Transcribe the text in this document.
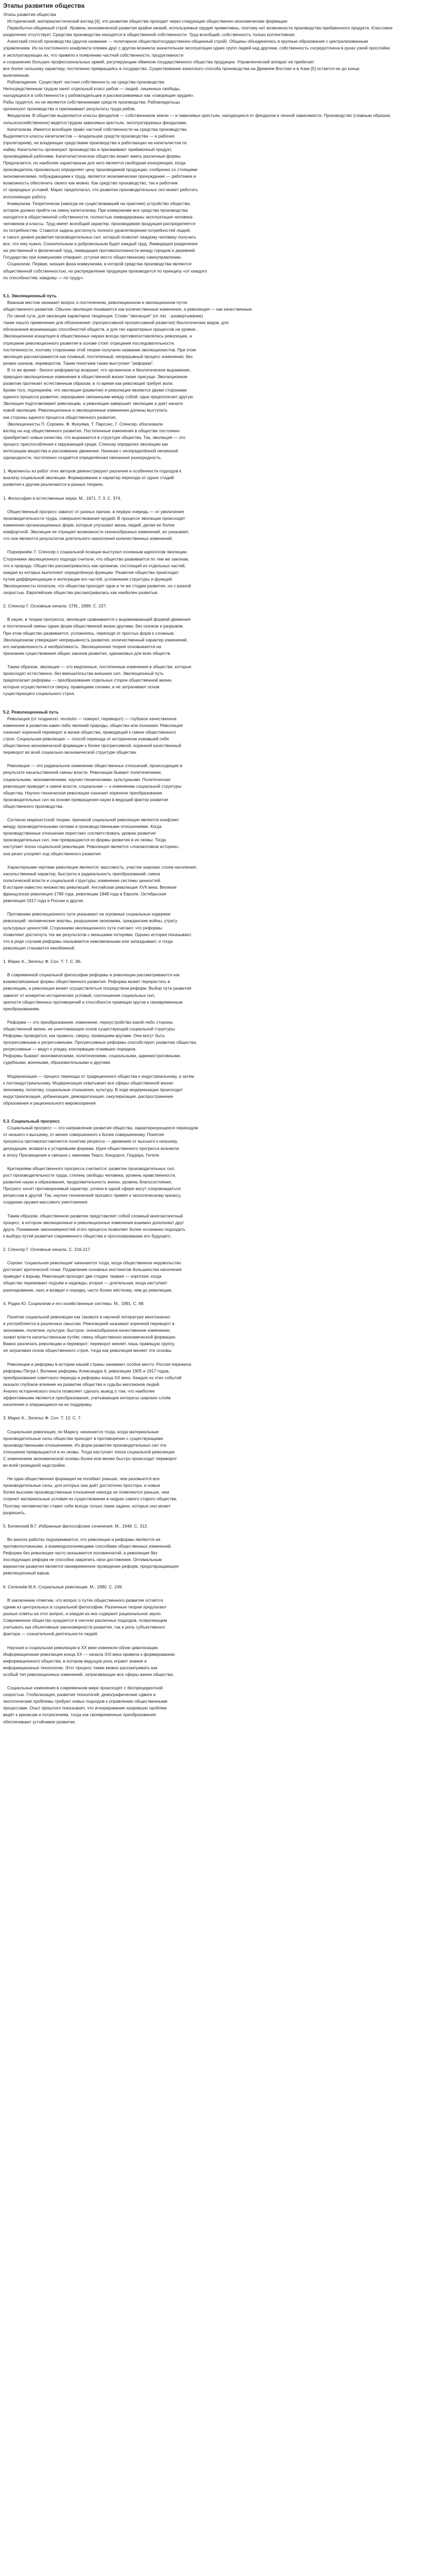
Этапы развития общества

Этапы развития общества

Исторический, материалистический взгляд [4], что развитие общества проходит через следующие общественно-экономические формации:

Первобытно-общинный строй. Уровень экономической развития крайне низкий, используемые орудия примитивны, поэтому нет возможности производства прибавочного продукта. Классовое

разделение отсутствует. Средства производства находятся в общественной собственности. Труд всеобщий, собственность только коллективная.

Азиатский способ производства (другое название — политарное общество/государственно-общинный строй). Общины объединились в крупные образования с централизованным

управлением. Из-за постоянного конфликта племен друг с другом возникла значительная эксплуатация одних групп людей над другими, собственность сосредоточена в руках узкой прослойки

и эксплуатирующих их, что привело к появлению частной собственности, продуктивности

и сохранению больших профессиональных армий, регулирующим обменом государственного общества продукции. Управленческий аппарат не прибегает

все более сильному характеру, постепенно превращаясь в государство. Существование азиатского способа производства на Древнем Востоке и в Азии [5] остается не до конца

выясненным.

Рабовладение. Существует частная собственность на средства производства.

Непосредственным трудом занят отдельный класс рабов — людей, лишенных свободы,

находящихся в собственности у рабовладельцев и рассматриваемых как «говорящие орудия».

Рабы трудятся, но не являются собственниками средств производства. Рабовладельцы

организуют производство и присваивают результаты труда рабов.

Феодализм. В обществе выделяются классы феодалов — собственников земли — и зависимых крестьян, находящихся от феодалов в личной зависимости. Производство (главным образом,

сельскохозяйственное) ведется трудом зависимых крестьян, эксплуатируемых феодалами.

Капитализм. Имеется всеобщее право частной собственности на средства производства.

Выделяются классы капиталистов — владельцев средств производства — и рабочих

(пролетариев), не владеющих средствами производства и работающих на капиталистов по

найму. Капиталисты организуют производство и присваивают прибавочный продукт,

производимый рабочими. Капиталистическое общество может иметь различные формы

Предлагается, но наиболее характерным для него является свободная конкуренция, когда

производитель произвольно определяет цену производимой продукции, сообразно со стоящими

экономическими, побуждающими к труду, является экономическая принуждение — работника и

возможность обеспечить своего как можно. Как средство производство, так и работник

от природных условий. Маркс предполагал, что развитие производительных сил может работать

исполняющих работу.

Коммунизм. Теоретически (никогда не существовавший на практике) устройство общества,

которое должно прийти на смену капитализму. При коммунизме все средства производства

находятся в общественной собственности, полностью ликвидированы эксплуатация человека

человеком и классы. Труд имеет всеобщий характер, производимая продукция распределяется

по потребностям. Ставится задача достигнуть полного удовлетворения потребностей людей,

и такого уровня развития производительных сил, который позволит каждому человеку получать

все, что ему нужно. Сознательным и добровольным будет каждый труд. Ликвидация разделения

на умственный и физический труд, ликвидация противоположности между городом и деревней.

Государство при коммунизме отмирает, уступая место общественному самоуправлению.

Социализм. Первая, низшая фаза коммунизма, в которой средства производства являются

общественной собственностью, но распределение продукции производится по принципу «от каждого

по способностям, каждому — по труду».

5.1. Эволюционный путь

Важным местом занимает вопрос о постепенном, революционном и эволюционном путях

общественного развития. Обычно эволюция понимается как количественные изменения, а революция — как качественные.

По своей сути, для эволюции характерна тенденция. Слово "эволюция" (от лат. - развертывание)

также нашло применение для обозначения: (прогрессивной прогрессивной развития) биологических видов, для

обозначения возникающих способностей обществ, и для тех характерных процессов на уровне...

Эволюционная концепция в общественных науках всегда противопоставлялась революции, а

отрицание революционного развития в основе стоит отрицания последовательности,

постепенности, поэтому сторонники этой теории получили название эволюционистов. При этом

эволюция рассматривается как плавный, постепенный, непрерывный процесс изменения, без

резких скачков, переворотов. Таким понятием также выступает "реформа".

В то же время - биолог-реформатор возразит, что органичное и биологическое выражение,

природно-эволюционные изменения в общественной жизни также присущи. Эволюционное

развитие протекает естественным образом, в то время как революция требует воли.

Кроме того, подчеркнём, что эволюция (развитие) и революция являются двумя сторонами

единого процесса развития, неразрывно связанными между собой; одна предполагает другую.

Эволюция подготавливает революцию, а революция завершает эволюцию и даёт начало

новой эволюции. Революционные и эволюционные изменения должны выступать

как стороны единого процесса общественного развития.

Эволюционисты П. Сорокин, Ф. Фукуяма, Т. Парсонс, Г. Спенсер, обосновали

взгляд на ход общественного развития. Постепенные изменения в обществе постоянно

приобретают новые качества, что выражается в структуре общества. Так, эволюция — это

процесс приспособления к окружающей среде. Спенсер определил эволюцию как

интеграцию вещества и рассеивание движения. Начиная с неопределённой несвязной

однородности, постепенно создаётся определённая связанная разнородность.

1. Фрагменты из работ этих авторов демонстрируют различия и особенности подходов к

анализу социальной эволюции. Формирование и характер перехода от одних стадий

развития к другим различаются в разных теориях.

1. Философия и естественные науки. М., 1971. Т. 3. С. 374.

Общественный прогресс зависит от разных причин, в первую очередь — от увеличения

производительности труда, совершенствования орудий. В процессе эволюции происходят

изменения организационных форм, которые улучшают жизнь людей, делая ее более

комфортной. Эволюция не отрицает возможности скачкообразных изменений, но указывает,

что они являются результатом длительного накопления количественных изменений.

Подчеркнём: Г. Спенсер с социальной позиции выступил основным идеологом эволюции.

Сторонники эволюционного подхода считали, что общество развивается по тем же законам,

что и природа. Общество рассматривалось как организм, состоящий из отдельных частей,

каждая из которых выполняет определённую функцию. Развитие общества происходит

путем дифференциации и интеграции его частей, усложнения структуры и функций.

Эволюционисты полагали, что общества проходят одни и те же стадии развития, но с разной

скоростью. Европейские общества рассматривались как наиболее развитые.

2. Спенсер Г. Основные начала. СПб., 1899. С. 237.

В науке, в теории прогресса, эволюция сравнивается с выравнивающей формой движения

и постепенной смены одних форм общественной жизни другими, без скачков и разрывов.

При этом общество развивается, усложняясь, переходя от простых форм к сложным.

Эволюционизм утверждает непрерывность развития, количественный характер изменений,

его направленность и необратимость. Эволюционная теория основывается на

признании существования общих законов развития, одинаковых для всех обществ.

Таким образом, эволюция — это медленные, постепенные изменения в обществе, которые

происходят естественно, без вмешательства внешних сил. Эволюционный путь

предполагает реформы — преобразования отдельных сторон общественной жизни,

которые осуществляются сверху, правящими силами, и не затрагивают основ

существующего социального строя.

5.2. Революционный путь

Революция (от позднелат. revolutio — поворот, переворот) — глубокое качественное

изменение в развитии каких-либо явлений природы, общества или познания. Революция

означает коренной переворот в жизни общества, приводящий к смене общественного

строя. Социальная революция — способ перехода от исторически изжившей себя

общественно-экономической формации к более прогрессивной, коренной качественный

переворот во всей социально-экономической структуре общества.

Революция — это радикальное изменение общественных отношений, происходящее в

результате насильственной смены власти. Революции бывают политическими,

социальными, экономическими, научно-техническими, культурными. Политическая

революция приводит к смене власти, социальная — к изменению социальной структуры

общества. Научно-техническая революция означает коренное преобразование

производительных сил на основе превращения науки в ведущий фактор развития

общественного производства.

Согласно марксистской теории, причиной социальной революции является конфликт

между производительными силами и производственными отношениями. Когда

производственные отношения перестают соответствовать уровню развития

производительных сил, они превращаются из формы развития в их оковы. Тогда

наступает эпоха социальной революции. Революция является «локомотивом истории»,

она резко ускоряет ход общественного развития.

Характерными чертами революции являются: массовость, участие широких слоев населения;

насильственный характер; быстрота и радикальность преобразований; смена

политической власти и социальной структуры; изменение системы ценностей.

В истории известно множество революций: Английская революция XVII века, Великая

французская революция 1789 года, революции 1848 года в Европе, Октябрьская

революция 1917 года в России и другие.

Противники революционного пути указывают на огромные социальные издержки

революций: человеческие жертвы, разрушение экономики, гражданские войны, утрату

культурных ценностей. Сторонники эволюционного пути считают, что реформы

позволяют достигнуть тех же результатов с меньшими потерями. Однако история показывает,

что в ряде случаев реформы оказываются невозможными или запаздывают, и тогда

революция становится неизбежной.

1. Маркс К., Энгельс Ф. Соч. Т. 7. С. 86.

В современной социальной философии реформы и революции рассматриваются как

взаимосвязанные формы общественного развития. Реформа может перерастать в

революцию, а революция может осуществляться посредством реформ. Выбор пути развития

зависит от конкретно-исторических условий, соотношения социальных сил,

зрелости общественных противоречий и способности правящих кругов к своевременным

преобразованиям.

Реформа — это преобразование, изменение, переустройство какой-либо стороны

общественной жизни, не уничтожающее основ существующей социальной структуры.

Реформы проводятся, как правило, сверху, правящими кругами. Они могут быть

прогрессивными и регрессивными. Прогрессивные реформы способствуют развитию общества,

регрессивные — ведут к упадку, консервации отживших порядков.

Реформы бывают экономическими, политическими, социальными, административными,

судебными, военными, образовательными и другими.

Модернизация — процесс перехода от традиционного общества к индустриальному, а затем

к постиндустриальному. Модернизация охватывает все сферы общественной жизни:

экономику, политику, социальные отношения, культуру. В ходе модернизации происходит

индустриализация, урбанизация, демократизация, секуляризация, распространение

образования и рационального мировоззрения.

5.3. Социальный прогресс

Социальный прогресс — это направление развития общества, характеризующееся переходом

от низшего к высшему, от менее совершенного к более совершенному. Понятие

прогресса противопоставляется понятию регресса — движения от высшего к низшему,

деградации, возврата к устаревшим формам. Идея общественного прогресса возникла

в эпоху Просвещения и связана с именами Тюрго, Кондорсе, Гердера, Гегеля.

Критериями общественного прогресса считаются: развитие производительных сил,

рост производительности труда, степень свободы человека, уровень нравственности,

развитие науки и образования, продолжительность жизни, уровень благосостояния.

Прогресс носит противоречивый характер: успехи в одной сфере могут сопровождаться

регрессом в другой. Так, научно-технический прогресс привёл к экологическому кризису,

созданию оружия массового уничтожения.

Таким образом, общественное развитие представляет собой сложный многоаспектный

процесс, в котором эволюционные и революционные изменения взаимно дополняют друг

друга. Понимание закономерностей этого процесса позволяет более осознанно подходить

к выбору путей развития современного общества и прогнозированию его будущего.

2. Спенсер Г. Основные начала. С. 216-217.

Сороки: 'социальная революция' начинается тогда, когда общественное недовольство

достигает критической точки. Подавление основных инстинктов большинства населения

приводит к взрыву. Революция проходит две стадии: первая — короткая, когда

общество переживает подъём и надежды; вторая — длительная, когда наступает

разочарование, хаос и возврат к порядку, часто более жёсткому, чем до революции.

4. Родин Ю. Социализм и его хозяйственные системы. М., 1991. С. 88.

Понятие социальной революции как такового в научной литературе многозначно

и употребляется в различных смыслах. Революцией называют коренной переворот в

экономике, политике, культуре; быстрое, скачкообразное качественное изменение;

захват власти насильственным путём; смену общественно-экономической формации.

Важно различать революцию и переворот: переворот меняет лишь правящую группу,

не затрагивая основ общественного строя, тогда как революция меняет эти основы.

Революции и реформы в истории нашей страны занимают особое место. Россия пережила

реформы Петра I, Великие реформы Александра II, революции 1905 и 1917 годов,

преобразования советского периода и реформы конца XX века. Каждое из этих событий

оказало глубокое влияние на развитие общества и судьбы миллионов людей.

Анализ исторического опыта позволяет сделать вывод о том, что наиболее

эффективными являются преобразования, учитывающие интересы широких слоёв

населения и опирающиеся на их поддержку.

3. Маркс К., Энгельс Ф. Соч. Т. 13. С. 7.

Социальная революция, по Марксу, начинается тогда, когда материальные

производительные силы общества приходят в противоречие с существующими

производственными отношениями. Из форм развития производительных сил эти

отношения превращаются в их оковы. Тогда наступает эпоха социальной революции.

С изменением экономической основы более или менее быстро происходит переворот

во всей громадной надстройке.

Ни одна общественная формация не погибает раньше, чем разовьются все

производительные силы, для которых она даёт достаточно простора, и новые

более высокие производственные отношения никогда не появляются раньше, чем

созреют материальные условия их существования в недрах самого старого общества.

Поэтому человечество ставит себе всегда только такие задачи, которые оно может

разрешить.

5. Белинский В.Г. Избранные философские сочинения. М., 1948. С. 312.

Во многих работах подчеркивается, что революции и реформы являются не

противоположными, а взаимодополняющими способами общественных изменений.

Реформа без революции часто оказывается половинчатой, а революция без

последующих реформ не способна закрепить свои достижения. Оптимальным

вариантом развития является своевременное проведение реформ, предотвращающее

революционный взрыв.

6. Селезнёв М.А. Социальные революции. М., 1980. С. 249.

В заключение отметим, что вопрос о путях общественного развития остаётся

одним из центральных в социальной философии. Различные теории предлагают

разные ответы на этот вопрос, и каждая из них содержит рациональное зерно.

Современное общество нуждается в синтезе различных подходов, позволяющем

учитывать как объективные закономерности развития, так и роль субъективного

фактора — сознательной деятельности людей.

Научная и социальная революции в XX веке изменили облик цивилизации.

Информационная революция конца XX — начала XXI века привела к формированию

информационного общества, в котором ведущую роль играют знания и

информационные технологии. Этот процесс также можно рассматривать как

особый тип революционных изменений, затрагивающих все сферы жизни общества.

Социальные изменения в современном мире происходят с беспрецедентной

скоростью. Глобализация, развитие технологий, демографические сдвиги и

экологические проблемы требуют новых подходов к управлению общественными

процессами. Опыт прошлого показывает, что игнорирование назревших проблем

ведёт к кризисам и потрясениям, тогда как своевременные преобразования

обеспечивают устойчивое развитие.
